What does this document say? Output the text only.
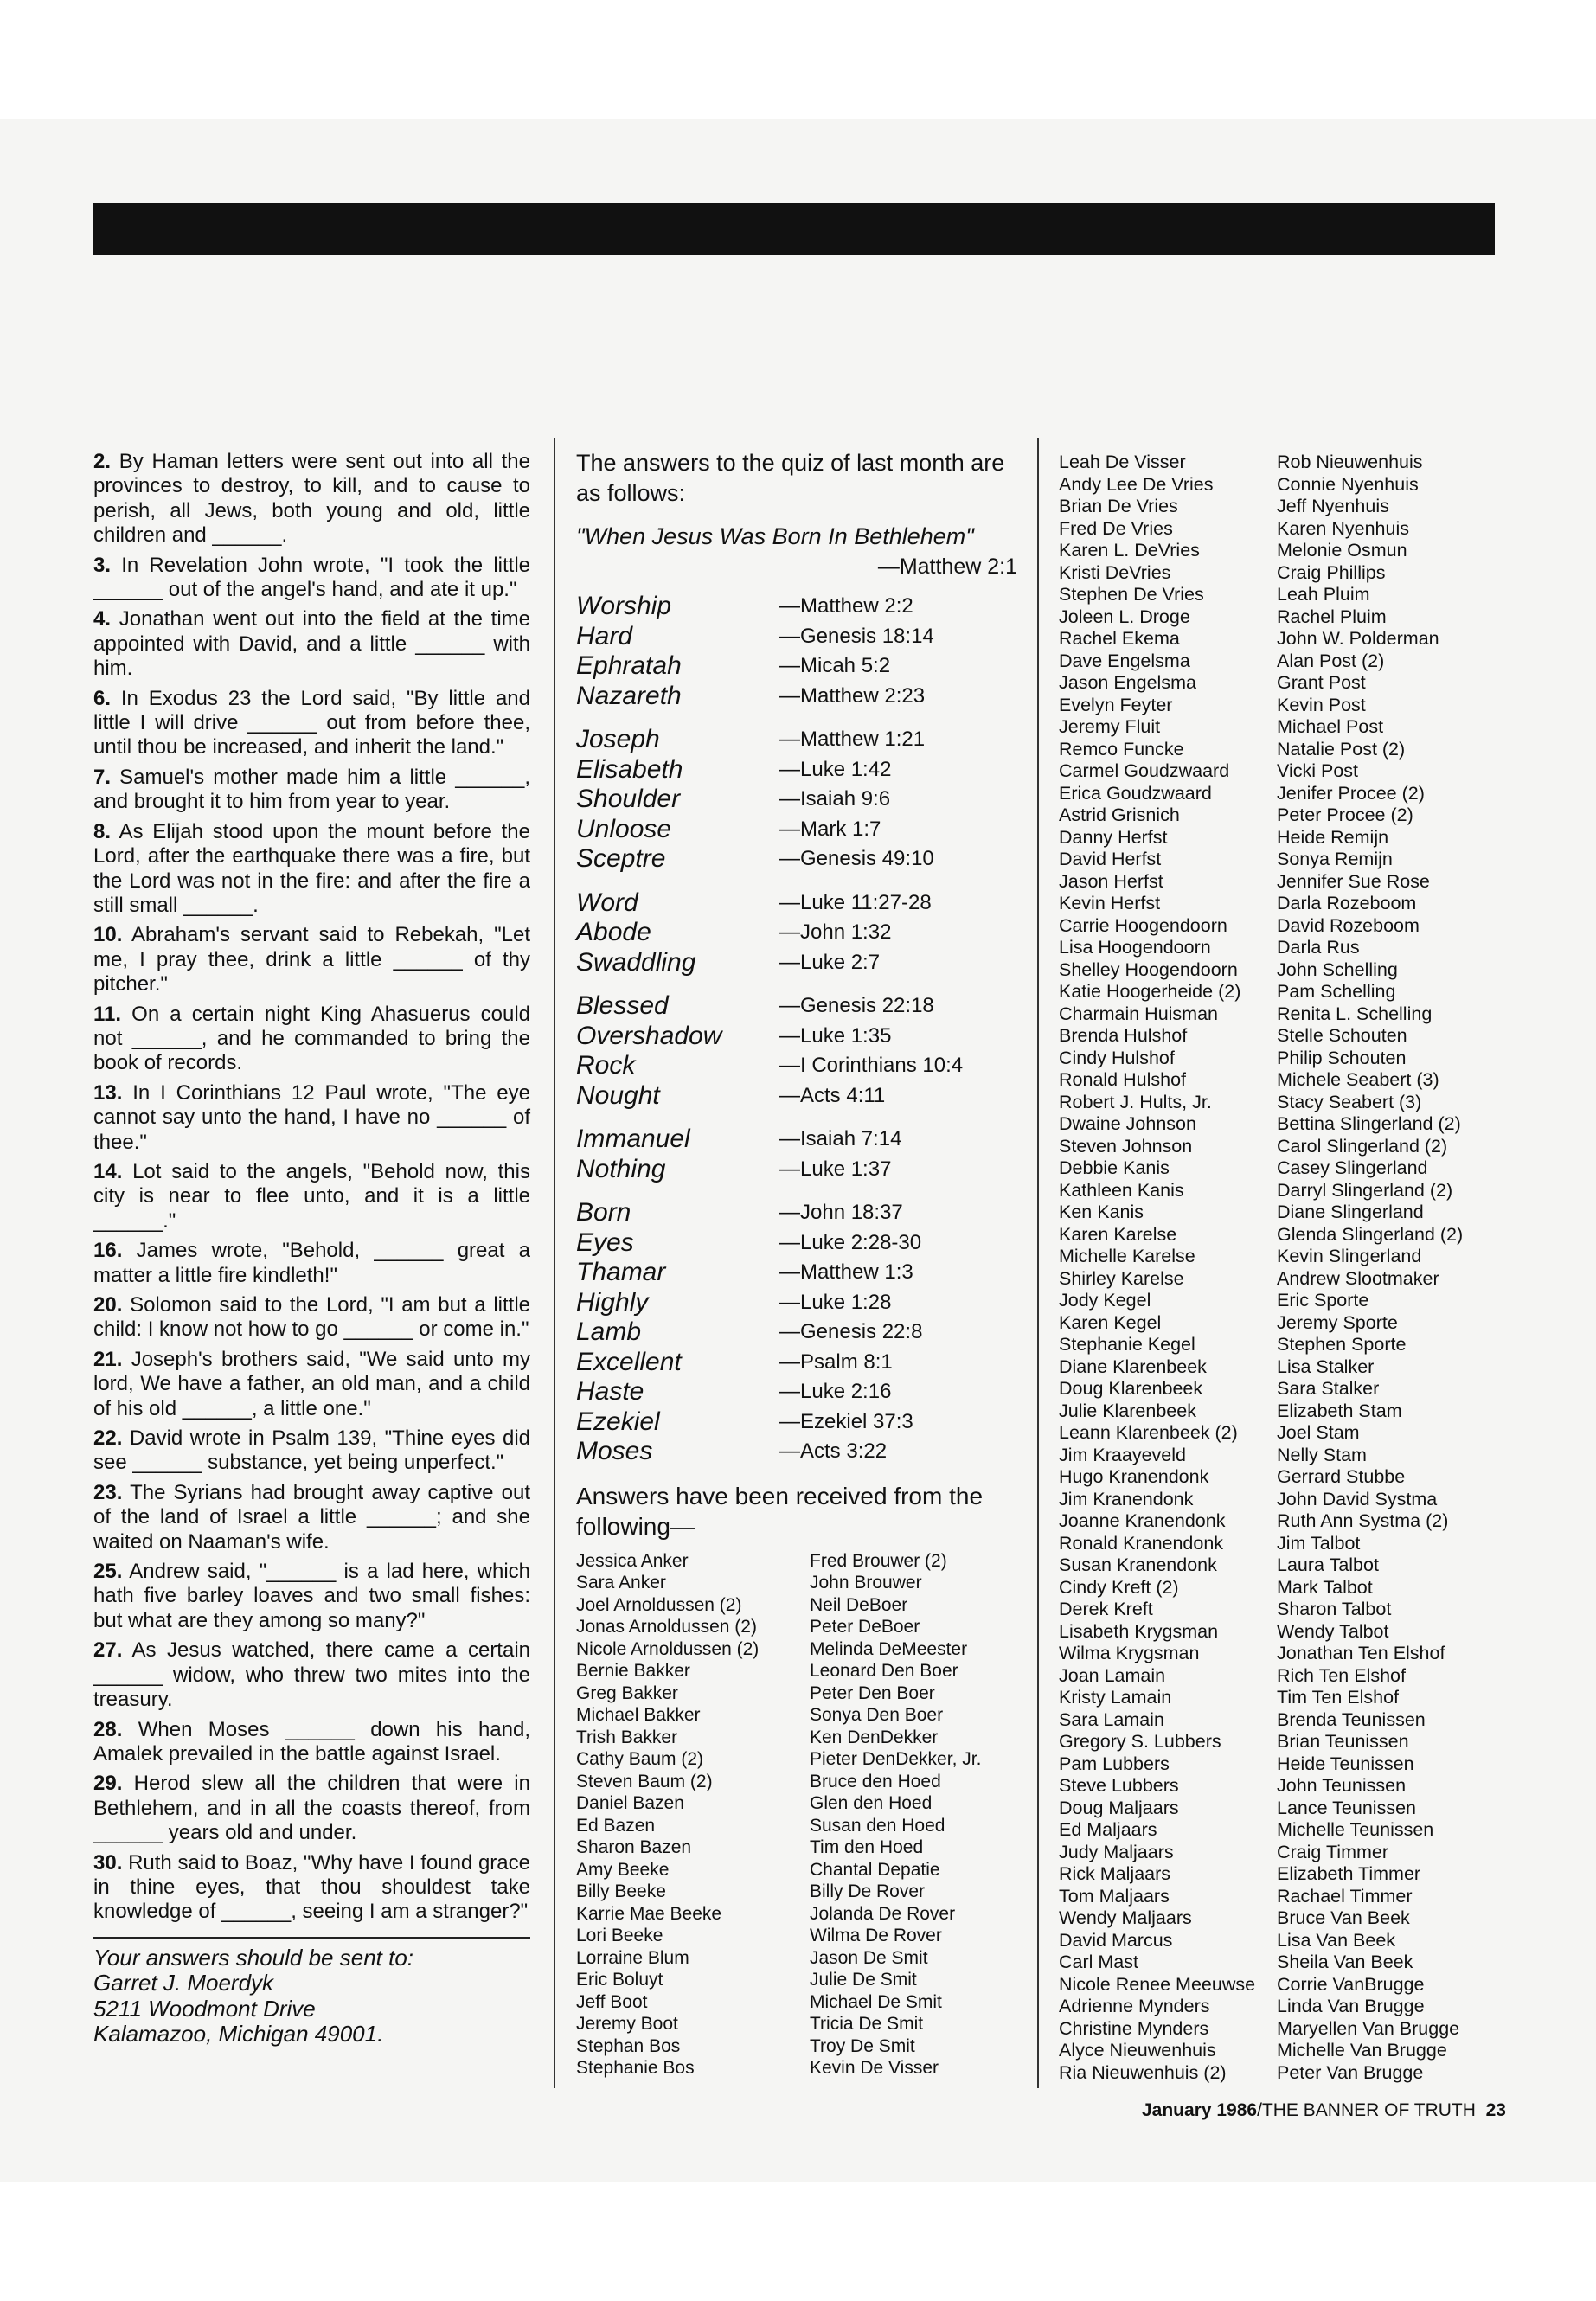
2. By Haman letters were sent out into all the provinces to destroy, to kill, and to cause to perish, all Jews, both young and old, little children and ______.

3. In Revelation John wrote, "I took the little ______ out of the angel's hand, and ate it up."

4. Jonathan went out into the field at the time appointed with David, and a little ______ with him.

6. In Exodus 23 the Lord said, "By little and little I will drive ______ out from before thee, until thou be increased, and inherit the land."

7. Samuel's mother made him a little ______, and brought it to him from year to year.

8. As Elijah stood upon the mount before the Lord, after the earthquake there was a fire, but the Lord was not in the fire: and after the fire a still small ______.

10. Abraham's servant said to Rebekah, "Let me, I pray thee, drink a little ______ of thy pitcher."

11. On a certain night King Ahasuerus could not ______, and he commanded to bring the book of records.

13. In I Corinthians 12 Paul wrote, "The eye cannot say unto the hand, I have no ______ of thee."

14. Lot said to the angels, "Behold now, this city is near to flee unto, and it is a little ______."

16. James wrote, "Behold, ______ great a matter a little fire kindleth!"

20. Solomon said to the Lord, "I am but a little child: I know not how to go ______ or come in."

21. Joseph's brothers said, "We said unto my lord, We have a father, an old man, and a child of his old ______, a little one."

22. David wrote in Psalm 139, "Thine eyes did see ______ substance, yet being unperfect."

23. The Syrians had brought away captive out of the land of Israel a little ______; and she waited on Naaman's wife.

25. Andrew said, "______ is a lad here, which hath five barley loaves and two small fishes: but what are they among so many?"

27. As Jesus watched, there came a certain ______ widow, who threw two mites into the treasury.

28. When Moses ______ down his hand, Amalek prevailed in the battle against Israel.

29. Herod slew all the children that were in Bethlehem, and in all the coasts thereof, from ______ years old and under.

30. Ruth said to Boaz, "Why have I found grace in thine eyes, that thou shouldest take knowledge of ______, seeing I am a stranger?"

Your answers should be sent to:
Garret J. Moerdyk
5211 Woodmont Drive
Kalamazoo, Michigan 49001.

The answers to the quiz of last month are as follows:

"When Jesus Was Born In Bethlehem"

—Matthew 2:1

Worship	—Matthew 2:2
Hard	—Genesis 18:14
Ephratah	—Micah 5:2
Nazareth	—Matthew 2:23
Joseph	—Matthew 1:21
Elisabeth	—Luke 1:42
Shoulder	—Isaiah 9:6
Unloose	—Mark 1:7
Sceptre	—Genesis 49:10
Word	—Luke 11:27-28
Abode	—John 1:32
Swaddling	—Luke 2:7
Blessed	—Genesis 22:18
Overshadow	—Luke 1:35
Rock	—I Corinthians 10:4
Nought	—Acts 4:11
Immanuel	—Isaiah 7:14
Nothing	—Luke 1:37
Born	—John 18:37
Eyes	—Luke 2:28-30
Thamar	—Matthew 1:3
Highly	—Luke 1:28
Lamb	—Genesis 22:8
Excellent	—Psalm 8:1
Haste	—Luke 2:16
Ezekiel	—Ezekiel 37:3
Moses	—Acts 3:22
Answers have been received from the following—
Jessica Anker
Sara Anker
Joel Arnoldussen (2)
Jonas Arnoldussen (2)
Nicole Arnoldussen (2)
Bernie Bakker
Greg Bakker
Michael Bakker
Trish Bakker
Cathy Baum (2)
Steven Baum (2)
Daniel Bazen
Ed Bazen
Sharon Bazen
Amy Beeke
Billy Beeke
Karrie Mae Beeke
Lori Beeke
Lorraine Blum
Eric Boluyt
Jeff Boot
Jeremy Boot
Stephan Bos
Stephanie Bos
Fred Brouwer (2)
John Brouwer
Neil DeBoer
Peter DeBoer
Melinda DeMeester
Leonard Den Boer
Peter Den Boer
Sonya Den Boer
Ken DenDekker
Pieter DenDekker, Jr.
Bruce den Hoed
Glen den Hoed
Susan den Hoed
Tim den Hoed
Chantal Depatie
Billy De Rover
Jolanda De Rover
Wilma De Rover
Jason De Smit
Julie De Smit
Michael De Smit
Tricia De Smit
Troy De Smit
Kevin De Visser
Leah De Visser
Andy Lee De Vries
Brian De Vries
Fred De Vries
Karen L. DeVries
Kristi DeVries
Stephen De Vries
Joleen L. Droge
Rachel Ekema
Dave Engelsma
Jason Engelsma
Evelyn Feyter
Jeremy Fluit
Remco Funcke
Carmel Goudzwaard
Erica Goudzwaard
Astrid Grisnich
Danny Herfst
David Herfst
Jason Herfst
Kevin Herfst
Carrie Hoogendoorn
Lisa Hoogendoorn
Shelley Hoogendoorn
Katie Hoogerheide (2)
Charmain Huisman
Brenda Hulshof
Cindy Hulshof
Ronald Hulshof
Robert J. Hults, Jr.
Dwaine Johnson
Steven Johnson
Debbie Kanis
Kathleen Kanis
Ken Kanis
Karen Karelse
Michelle Karelse
Shirley Karelse
Jody Kegel
Karen Kegel
Stephanie Kegel
Diane Klarenbeek
Doug Klarenbeek
Julie Klarenbeek
Leann Klarenbeek (2)
Jim Kraayeveld
Hugo Kranendonk
Jim Kranendonk
Joanne Kranendonk
Ronald Kranendonk
Susan Kranendonk
Cindy Kreft (2)
Derek Kreft
Lisabeth Krygsman
Wilma Krygsman
Joan Lamain
Kristy Lamain
Sara Lamain
Gregory S. Lubbers
Pam Lubbers
Steve Lubbers
Doug Maljaars
Ed Maljaars
Judy Maljaars
Rick Maljaars
Tom Maljaars
Wendy Maljaars
David Marcus
Carl Mast
Nicole Renee Meeuwse
Adrienne Mynders
Christine Mynders
Alyce Nieuwenhuis
Ria Nieuwenhuis (2)
Rob Nieuwenhuis
Connie Nyenhuis
Jeff Nyenhuis
Karen Nyenhuis
Melonie Osmun
Craig Phillips
Leah Pluim
Rachel Pluim
John W. Polderman
Alan Post (2)
Grant Post
Kevin Post
Michael Post
Natalie Post (2)
Vicki Post
Jenifer Procee (2)
Peter Procee (2)
Heide Remijn
Sonya Remijn
Jennifer Sue Rose
Darla Rozeboom
David Rozeboom
Darla Rus
John Schelling
Pam Schelling
Renita L. Schelling
Stelle Schouten
Philip Schouten
Michele Seabert (3)
Stacy Seabert (3)
Bettina Slingerland (2)
Carol Slingerland (2)
Casey Slingerland
Darryl Slingerland (2)
Diane Slingerland
Glenda Slingerland (2)
Kevin Slingerland
Andrew Slootmaker
Eric Sporte
Jeremy Sporte
Stephen Sporte
Lisa Stalker
Sara Stalker
Elizabeth Stam
Joel Stam
Nelly Stam
Gerrard Stubbe
John David Systma
Ruth Ann Systma (2)
Jim Talbot
Laura Talbot
Mark Talbot
Sharon Talbot
Wendy Talbot
Jonathan Ten Elshof
Rich Ten Elshof
Tim Ten Elshof
Brenda Teunissen
Brian Teunissen
Heide Teunissen
John Teunissen
Lance Teunissen
Michelle Teunissen
Craig Timmer
Elizabeth Timmer
Rachael Timmer
Bruce Van Beek
Lisa Van Beek
Sheila Van Beek
Corrie VanBrugge
Linda Van Brugge
Maryellen Van Brugge
Michelle Van Brugge
Peter Van Brugge
January 1986/THE BANNER OF TRUTH 23
